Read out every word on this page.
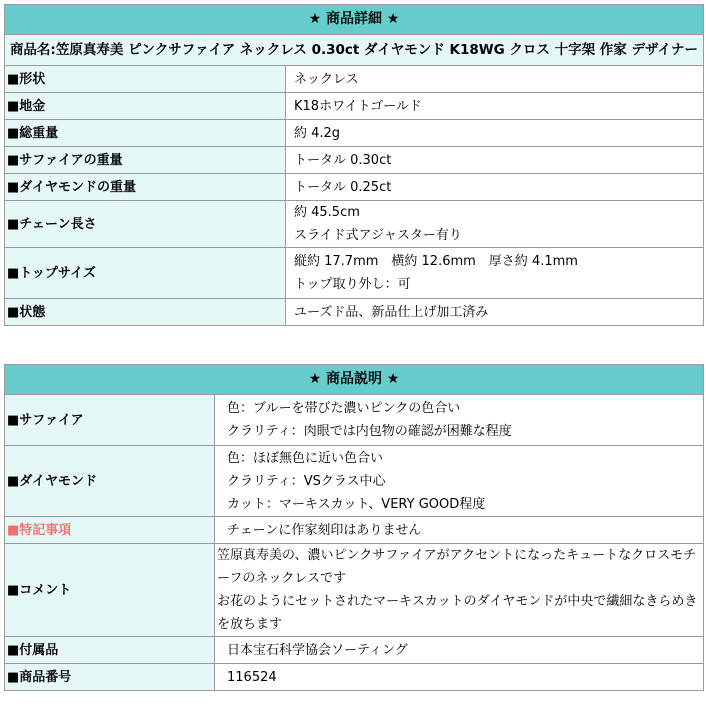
★ 商品詳細 ★	
商品名:笠原真寿美 ピンクサファイア ネックレス 0.30ct ダイヤモンド K18WG クロス 十字架 作家 デザイナー	
■形状	ネックレス

■地金	K18ホワイトゴールド

■総重量	約 4.2g

■サファイアの重量	トータル 0.30ct

■ダイヤモンドの重量	トータル 0.25ct

■チェーン長さ	約 45.5cm
スライド式アジャスター有り

■トップサイズ	縦約 17.7mm　横約 12.6mm　厚さ約 4.1mm
トップ取り外し：可

■状態	ユーズド品、新品仕上げ加工済み
★ 商品説明 ★	
■サファイア	色：ブルーを帯びた濃いピンクの色合い
クラリティ：肉眼では内包物の確認が困難な程度

■ダイヤモンド	色：ほぼ無色に近い色合い
クラリティ：VSクラス中心
カット：マーキスカット、VERY GOOD程度

■特記事項	チェーンに作家刻印はありません

■コメント	笠原真寿美の、濃いピンクサファイアがアクセントになったキュートなクロスモチーフのネックレスです
お花のようにセットされたマーキスカットのダイヤモンドが中央で繊細なきらめきを放ちます

■付属品	日本宝石科学協会ソーティング

■商品番号	116524
